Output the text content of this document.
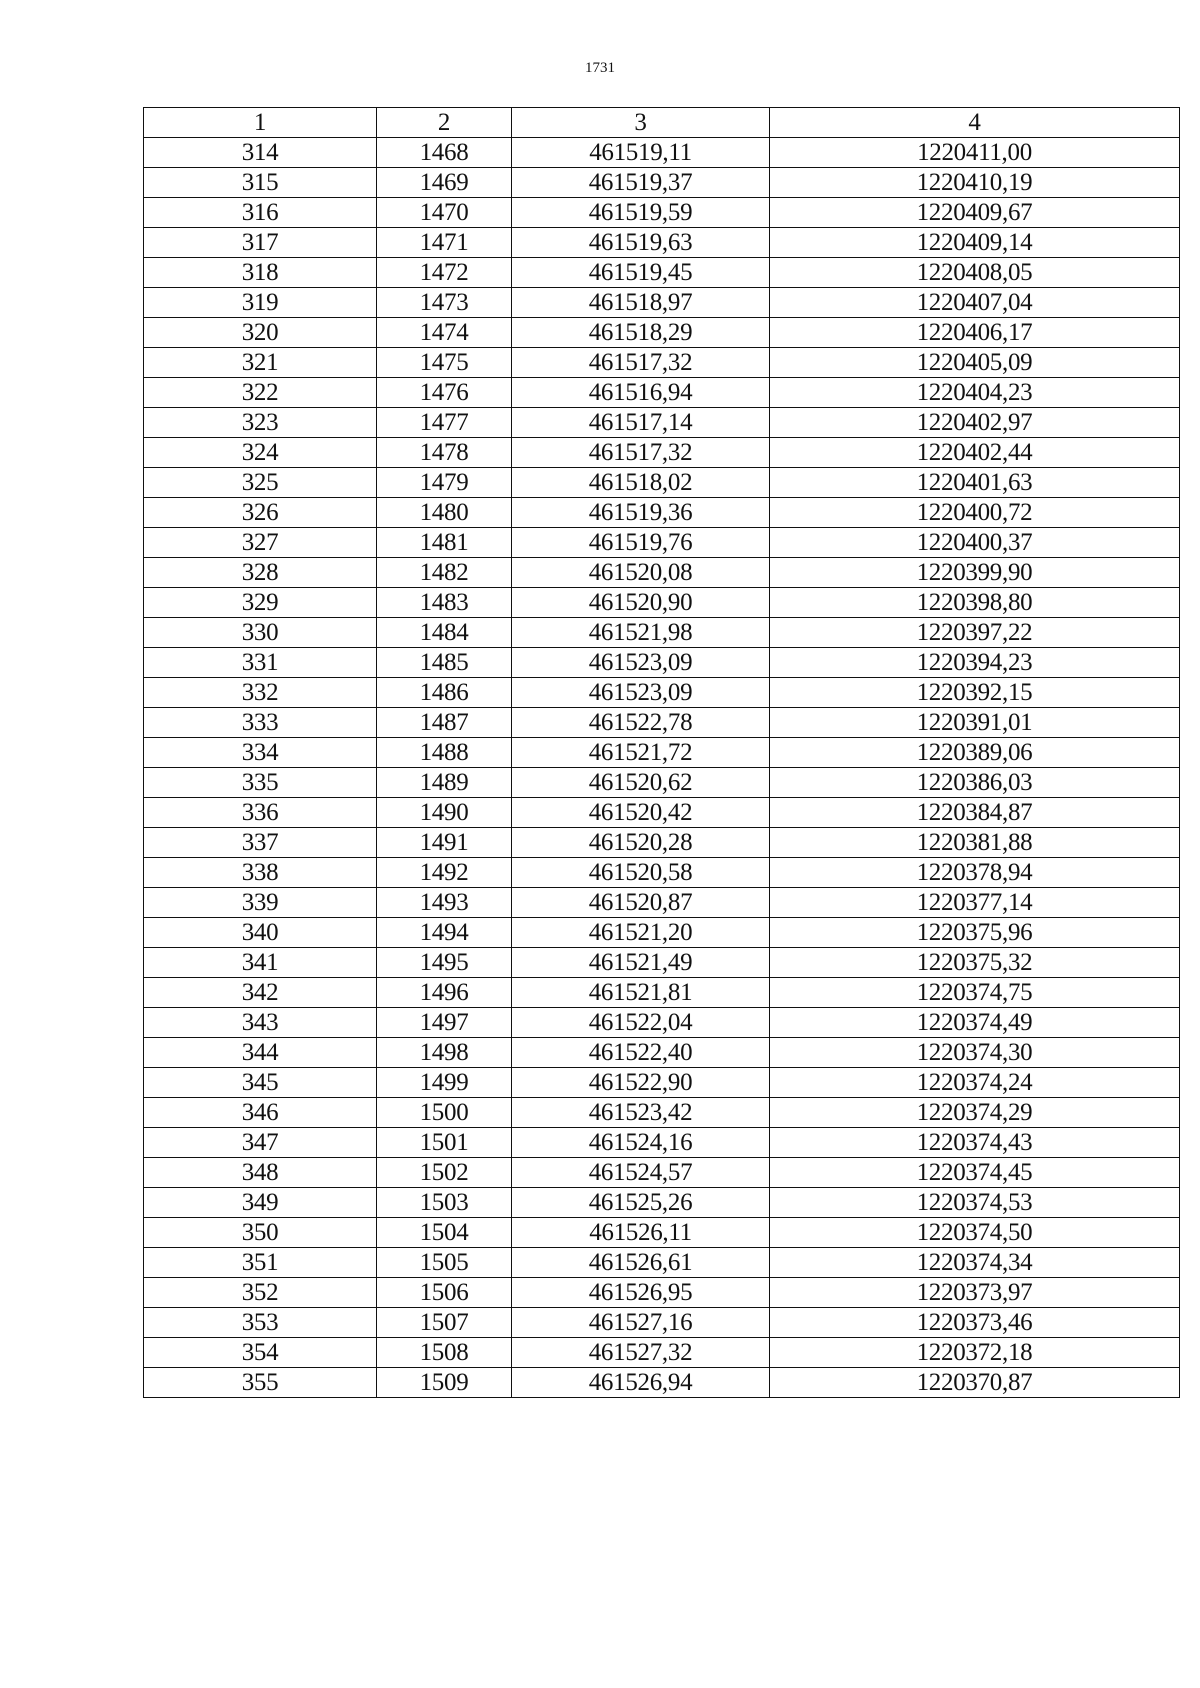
1731
1	2	3	4
314	1468	461519,11	1220411,00
315	1469	461519,37	1220410,19
316	1470	461519,59	1220409,67
317	1471	461519,63	1220409,14
318	1472	461519,45	1220408,05
319	1473	461518,97	1220407,04
320	1474	461518,29	1220406,17
321	1475	461517,32	1220405,09
322	1476	461516,94	1220404,23
323	1477	461517,14	1220402,97
324	1478	461517,32	1220402,44
325	1479	461518,02	1220401,63
326	1480	461519,36	1220400,72
327	1481	461519,76	1220400,37
328	1482	461520,08	1220399,90
329	1483	461520,90	1220398,80
330	1484	461521,98	1220397,22
331	1485	461523,09	1220394,23
332	1486	461523,09	1220392,15
333	1487	461522,78	1220391,01
334	1488	461521,72	1220389,06
335	1489	461520,62	1220386,03
336	1490	461520,42	1220384,87
337	1491	461520,28	1220381,88
338	1492	461520,58	1220378,94
339	1493	461520,87	1220377,14
340	1494	461521,20	1220375,96
341	1495	461521,49	1220375,32
342	1496	461521,81	1220374,75
343	1497	461522,04	1220374,49
344	1498	461522,40	1220374,30
345	1499	461522,90	1220374,24
346	1500	461523,42	1220374,29
347	1501	461524,16	1220374,43
348	1502	461524,57	1220374,45
349	1503	461525,26	1220374,53
350	1504	461526,11	1220374,50
351	1505	461526,61	1220374,34
352	1506	461526,95	1220373,97
353	1507	461527,16	1220373,46
354	1508	461527,32	1220372,18
355	1509	461526,94	1220370,87
